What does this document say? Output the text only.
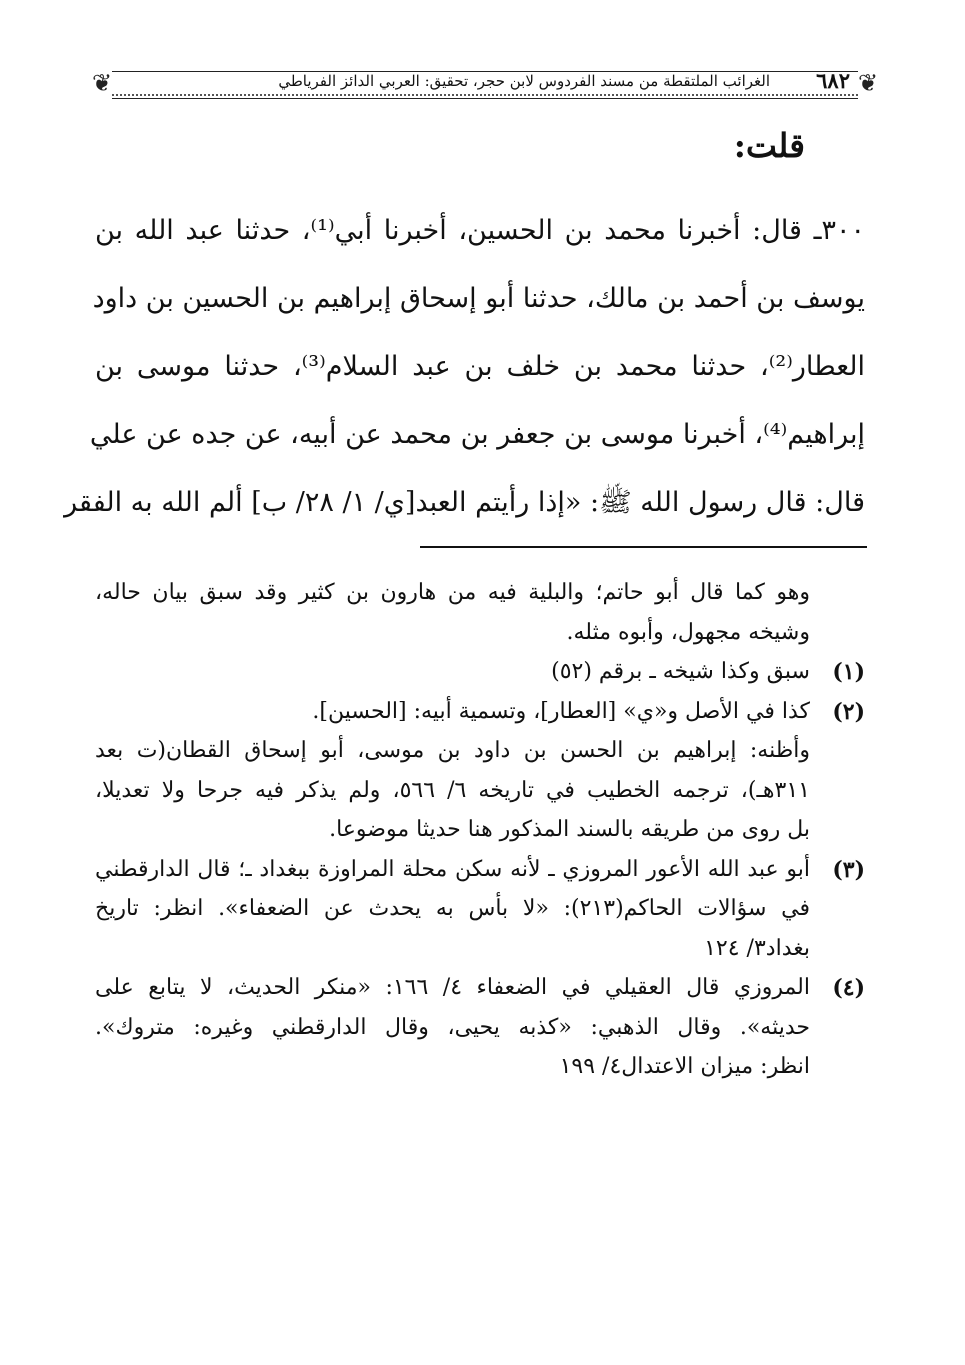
❦
❦	٦٨٢
الغرائب الملتقطة من مسند الفردوس لابن حجر، تحقيق: العربي الدائز الفرياطي
قلت:
٣٠٠ـ قال: أخبرنا محمد بن الحسين، أخبرنا أبي⁽¹⁾، حدثنا عبد الله بن
يوسف بن أحمد بن مالك، حدثنا أبو إسحاق إبراهيم بن الحسين بن داود
العطار⁽²⁾، حدثنا محمد بن خلف بن عبد السلام⁽³⁾، حدثنا موسى بن
إبراهيم⁽⁴⁾، أخبرنا موسى بن جعفر بن محمد عن أبيه، عن جده عن علي
قال: قال رسول الله ﷺ: «إذا رأيتم العبد[ي/ ١/ ٢٨/ ب] ألم الله به الفقر
وهو كما قال أبو حاتم؛ والبلية فيه من هارون بن كثير وقد سبق بيان حاله،
وشيخه مجهول، وأبوه مثله.
(١)
سبق وكذا شيخه ـ برقم (٥٢)
(٢)
كذا في الأصل و«ي» [العطار]، وتسمية أبيه: [الحسين].
وأظنه: إبراهيم بن الحسن بن داود بن موسى، أبو إسحاق القطان(ت بعد
٣١١هـ)، ترجمه الخطيب في تاريخه ٦/ ٥٦٦، ولم يذكر فيه جرحا ولا تعديلا،
بل روى من طريقه بالسند المذكور هنا حديثا موضوعا.
(٣)
أبو عبد الله الأعور المروزي ـ لأنه سكن محلة المراوزة ببغداد ـ؛ قال الدارقطني
في سؤالات الحاكم(٢١٣): «لا بأس به يحدث عن الضعفاء». انظر: تاريخ
بغداد٣/ ١٢٤
(٤)
المروزي قال العقيلي في الضعفاء ٤/ ١٦٦: «منكر الحديث، لا يتابع على
حديثه». وقال الذهبي: «كذبه يحيى، وقال الدارقطني وغيره: متروك».
انظر: ميزان الاعتدال٤/ ١٩٩
